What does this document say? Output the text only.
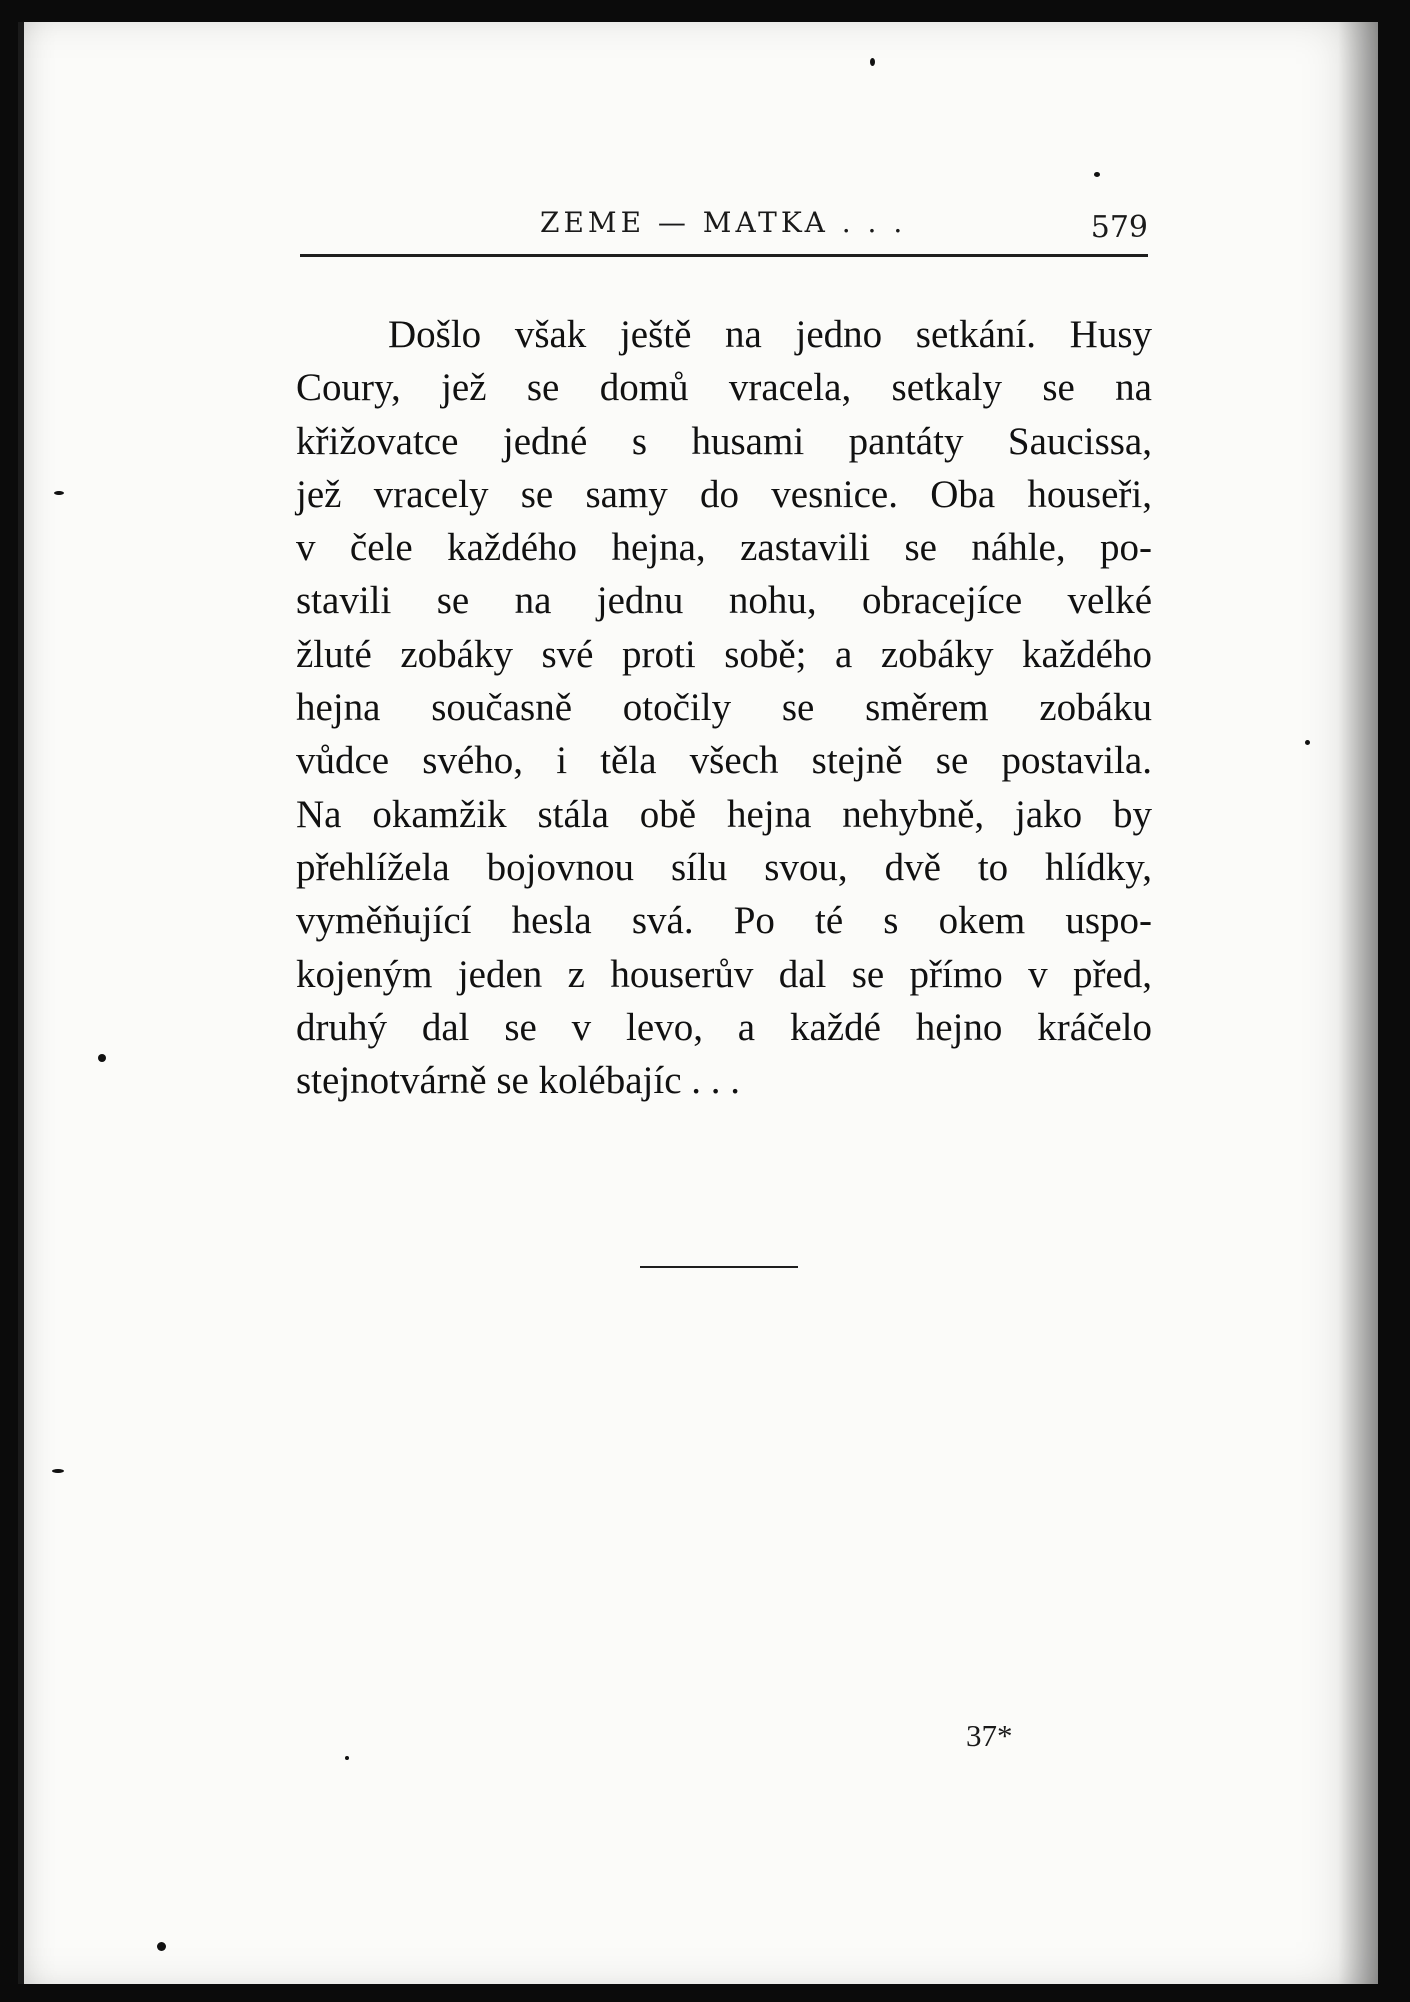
ZEME — MATKA . . .	579
Došlo však ještě na jedno setkání. Husy
Coury, jež se domů vracela, setkaly se na
křižovatce jedné s husami pantáty Saucissa,
jež vracely se samy do vesnice. Oba houseři,
v čele každého hejna, zastavili se náhle, po-
stavili se na jednu nohu, obracejíce velké
žluté zobáky své proti sobě; a zobáky každého
hejna současně otočily se směrem zobáku
vůdce svého, i těla všech stejně se postavila.
Na okamžik stála obě hejna nehybně, jako by
přehlížela bojovnou sílu svou, dvě to hlídky,
vyměňující hesla svá. Po té s okem uspo-
kojeným jeden z houserův dal se přímo v před,
druhý dal se v levo, a každé hejno kráčelo
stejnotvárně se kolébajíc . . .
37*
